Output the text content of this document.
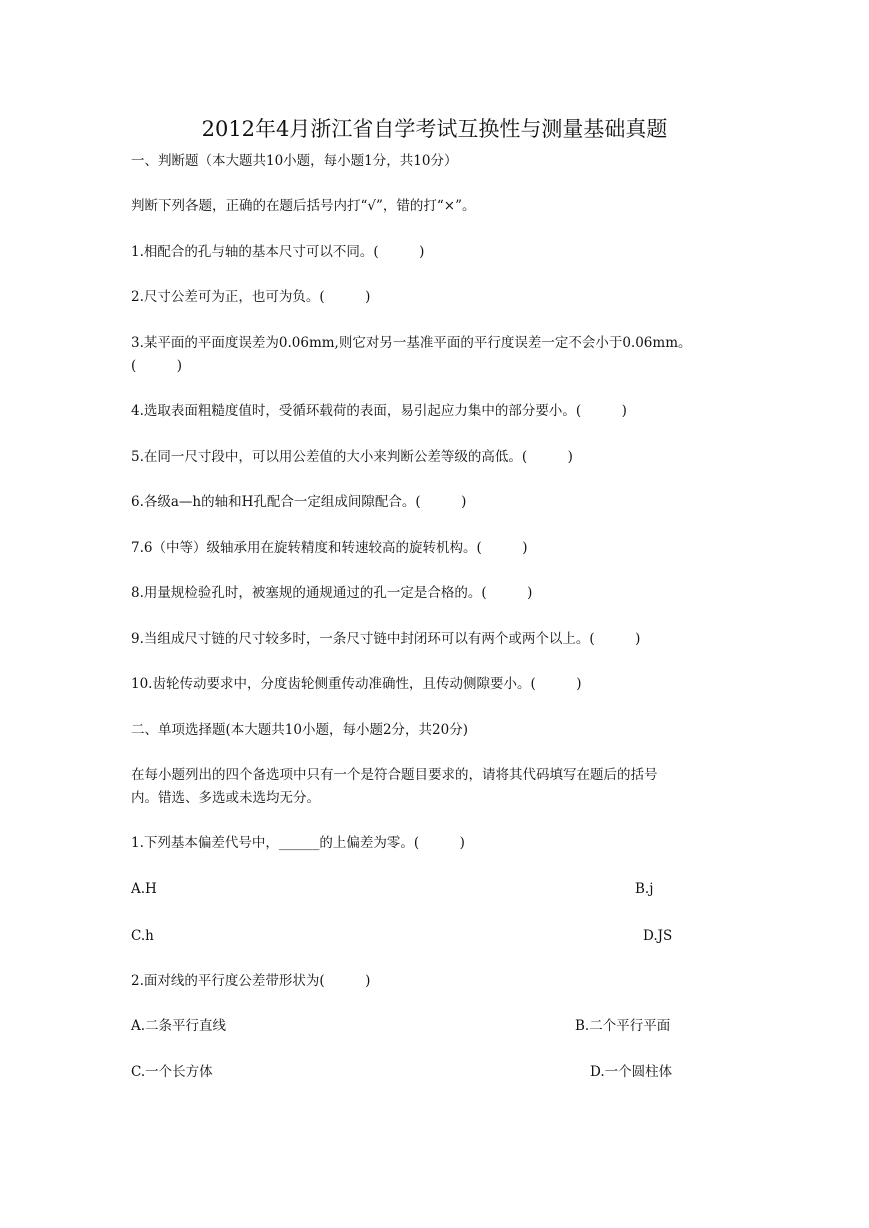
2012年4月浙江省自学考试互换性与测量基础真题
一、判断题（本大题共10小题，每小题1分，共10分）
判断下列各题，正确的在题后括号内打“√”，错的打“×”。
1.相配合的孔与轴的基本尺寸可以不同。(　　　)
2.尺寸公差可为正，也可为负。(　　　)
3.某平面的平面度误差为0.06mm,则它对另一基准平面的平行度误差一定不会小于0.06mm。
(　　　)
4.选取表面粗糙度值时，受循环载荷的表面，易引起应力集中的部分要小。(　　　)
5.在同一尺寸段中，可以用公差值的大小来判断公差等级的高低。(　　　)
6.各级a—h的轴和H孔配合一定组成间隙配合。(　　　)
7.6（中等）级轴承用在旋转精度和转速较高的旋转机构。(　　　)
8.用量规检验孔时，被塞规的通规通过的孔一定是合格的。(　　　)
9.当组成尺寸链的尺寸较多时，一条尺寸链中封闭环可以有两个或两个以上。(　　　)
10.齿轮传动要求中，分度齿轮侧重传动准确性，且传动侧隙要小。(　　　)
二、单项选择题(本大题共10小题，每小题2分，共20分)
在每小题列出的四个备选项中只有一个是符合题目要求的，请将其代码填写在题后的括号
内。错选、多选或未选均无分。
1.下列基本偏差代号中，______的上偏差为零。(　　　)
A.H	B.j
C.h	D.JS
2.面对线的平行度公差带形状为(　　　)
A.二条平行直线	B.二个平行平面
C.一个长方体	D.一个圆柱体
